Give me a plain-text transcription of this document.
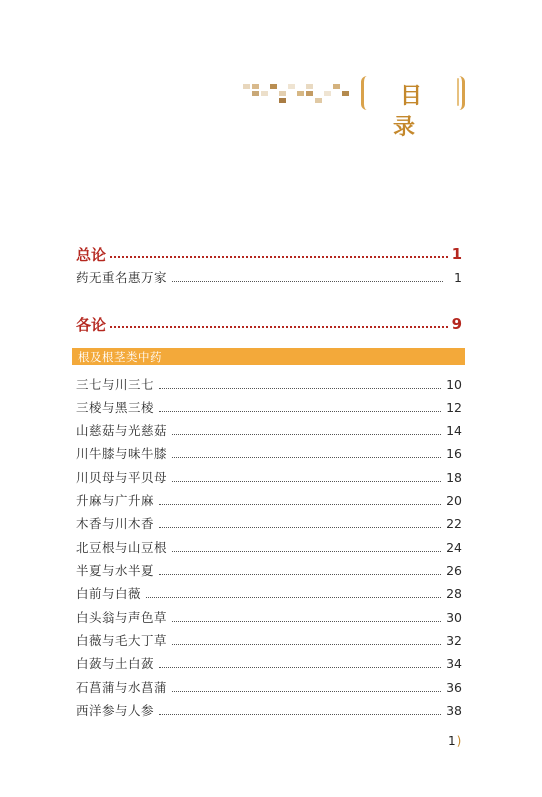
目 录
总论	1
药无重名惠万家	1
各论	9
根及根茎类中药
三七与川三七	10
三棱与黑三棱	12
山慈菇与光慈菇	14
川牛膝与味牛膝	16
川贝母与平贝母	18
升麻与广升麻	20
木香与川木香	22
北豆根与山豆根	24
半夏与水半夏	26
白前与白薇	28
白头翁与声色草	30
白薇与毛大丁草	32
白蔹与土白蔹	34
石菖蒲与水菖蒲	36
西洋参与人参	38
1)
